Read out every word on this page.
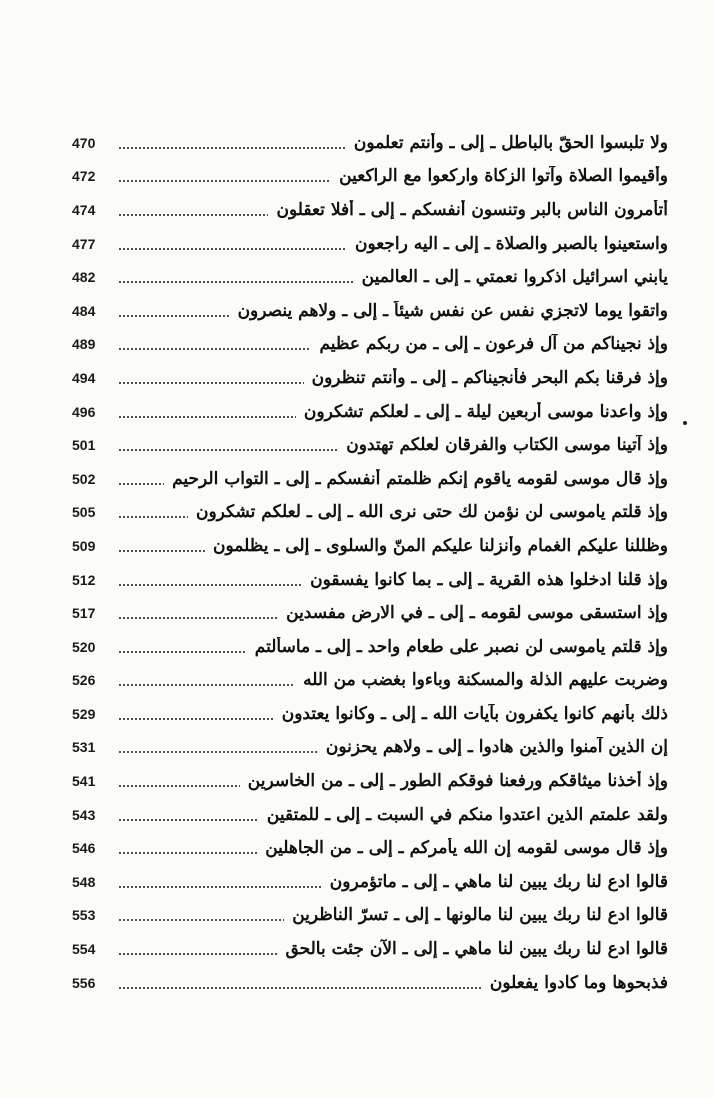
470	ولا تلبسوا الحقّ بالباطل ـ إلى ـ وأنتم تعلمون
472	وأقيموا الصلاة وآتوا الزكاة واركعوا مع الراكعين
474	أتأمرون الناس بالبر وتنسون أنفسكم ـ إلى ـ أفلا تعقلون
477	واستعينوا بالصبر والصلاة ـ إلى ـ اليه راجعون
482	يابني اسرائيل اذكروا نعمتي ـ إلى ـ العالمين
484	واتقوا يوما لاتجزي نفس عن نفس شيئاً ـ إلى ـ ولاهم ينصرون
489	وإذ نجيناكم من آل فرعون ـ إلى ـ من ربكم عظيم
494	وإذ فرقنا بكم البحر فأنجيناكم ـ إلى ـ وأنتم تنظرون
496	وإذ واعدنا موسى أربعين ليلة ـ إلى ـ لعلكم تشكرون
501	وإذ آتينا موسى الكتاب والفرقان لعلكم تهتدون
502	وإذ قال موسى لقومه ياقوم إنكم ظلمتم أنفسكم ـ إلى ـ التواب الرحيم
505	وإذ قلتم ياموسى لن نؤمن لك حتى نرى الله ـ إلى ـ لعلكم تشكرون
509	وظللنا عليكم الغمام وأنزلنا عليكم المنّ والسلوى ـ إلى ـ يظلمون
512	وإذ قلنا ادخلوا هذه القرية ـ إلى ـ بما كانوا يفسقون
517	وإذ استسقى موسى لقومه ـ إلى ـ في الارض مفسدين
520	وإذ قلتم ياموسى لن نصبر على طعام واحد ـ إلى ـ ماسألتم
526	وضربت عليهم الذلة والمسكنة وباءوا بغضب من الله
529	ذلك بأنهم كانوا يكفرون بآيات الله ـ إلى ـ وكانوا يعتدون
531	إن الذين آمنوا والذين هادوا ـ إلى ـ ولاهم يحزنون
541	وإذ أخذنا ميثاقكم ورفعنا فوقكم الطور ـ إلى ـ من الخاسرين
543	ولقد علمتم الذين اعتدوا منكم في السبت ـ إلى ـ للمتقين
546	وإذ قال موسى لقومه إن الله يأمركم ـ إلى ـ من الجاهلين
548	قالوا ادع لنا ربك يبين لنا ماهي ـ إلى ـ ماتؤمرون
553	قالوا ادع لنا ربك يبين لنا مالونها ـ إلى ـ تسرّ الناظرين
554	قالوا ادع لنا ربك يبين لنا ماهي ـ إلى ـ الآن جئت بالحق
556	فذبحوها وما كادوا يفعلون
